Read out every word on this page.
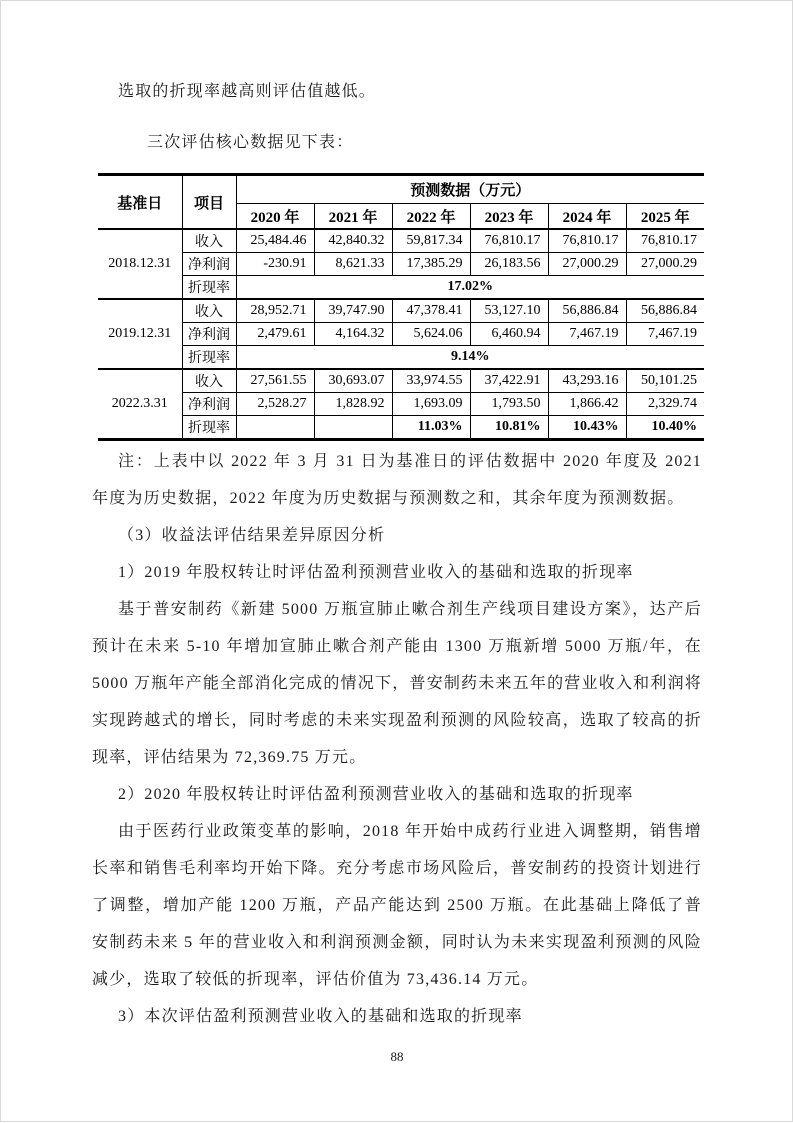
选取的折现率越高则评估值越低。

三次评估核心数据见下表：

基准日	项目	预测数据（万元）					
		2020 年	2021 年	2022 年	2023 年	2024 年	2025 年
2018.12.31	收入	25,484.46	42,840.32	59,817.34	76,810.17	76,810.17	76,810.17
	净利润	-230.91	8,621.33	17,385.29	26,183.56	27,000.29	27,000.29
	折现率	17.02%					
2019.12.31	收入	28,952.71	39,747.90	47,378.41	53,127.10	56,886.84	56,886.84
	净利润	2,479.61	4,164.32	5,624.06	6,460.94	7,467.19	7,467.19
	折现率	9.14%					
2022.3.31	收入	27,561.55	30,693.07	33,974.55	37,422.91	43,293.16	50,101.25
	净利润	2,528.27	1,828.92	1,693.09	1,793.50	1,866.42	2,329.74
	折现率			11.03%	10.81%	10.43%	10.40%

注：上表中以 2022 年 3 月 31 日为基准日的评估数据中 2020 年度及 2021 年度为历史数据，2022 年度为历史数据与预测数之和，其余年度为预测数据。

（3）收益法评估结果差异原因分析

1）2019 年股权转让时评估盈利预测营业收入的基础和选取的折现率

基于普安制药《新建 5000 万瓶宣肺止嗽合剂生产线项目建设方案》，达产后预计在未来 5-10 年增加宣肺止嗽合剂产能由 1300 万瓶新增 5000 万瓶/年，在 5000 万瓶年产能全部消化完成的情况下，普安制药未来五年的营业收入和利润将实现跨越式的增长，同时考虑的未来实现盈利预测的风险较高，选取了较高的折现率，评估结果为 72,369.75 万元。

2）2020 年股权转让时评估盈利预测营业收入的基础和选取的折现率

由于医药行业政策变革的影响，2018 年开始中成药行业进入调整期，销售增长率和销售毛利率均开始下降。充分考虑市场风险后，普安制药的投资计划进行了调整，增加产能 1200 万瓶，产品产能达到 2500 万瓶。在此基础上降低了普安制药未来 5 年的营业收入和利润预测金额，同时认为未来实现盈利预测的风险减少，选取了较低的折现率，评估价值为 73,436.14 万元。

3）本次评估盈利预测营业收入的基础和选取的折现率

88
